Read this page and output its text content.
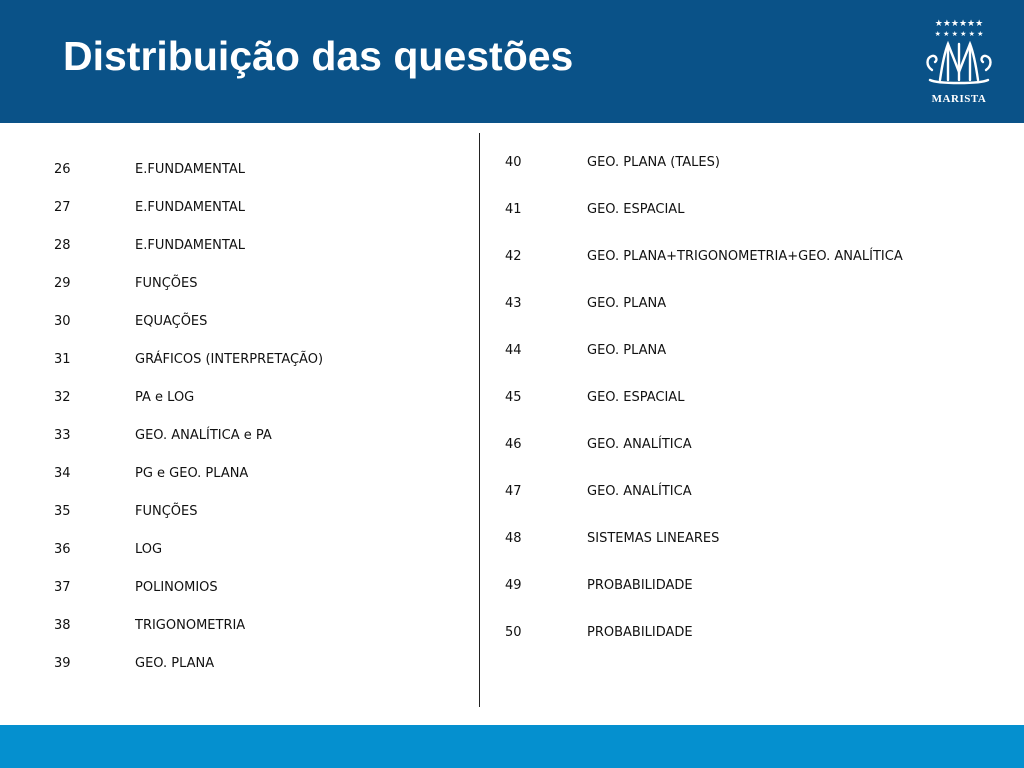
Distribuição das questões
★★★★★★
★ ★ ★ ★ ★ ★
MARISTA
26	E.FUNDAMENTAL
27	E.FUNDAMENTAL
28	E.FUNDAMENTAL
29	FUNÇÕES
30	EQUAÇÕES
31	GRÁFICOS (INTERPRETAÇÃO)
32	PA e LOG
33	GEO. ANALÍTICA e PA
34	PG e GEO. PLANA
35	FUNÇÕES
36	LOG
37	POLINOMIOS
38	TRIGONOMETRIA
39	GEO. PLANA
40	GEO. PLANA (TALES)
41	GEO. ESPACIAL
42	GEO. PLANA+TRIGONOMETRIA+GEO. ANALÍTICA
43	GEO. PLANA
44	GEO. PLANA
45	GEO. ESPACIAL
46	GEO. ANALÍTICA
47	GEO. ANALÍTICA
48	SISTEMAS LINEARES
49	PROBABILIDADE
50	PROBABILIDADE
